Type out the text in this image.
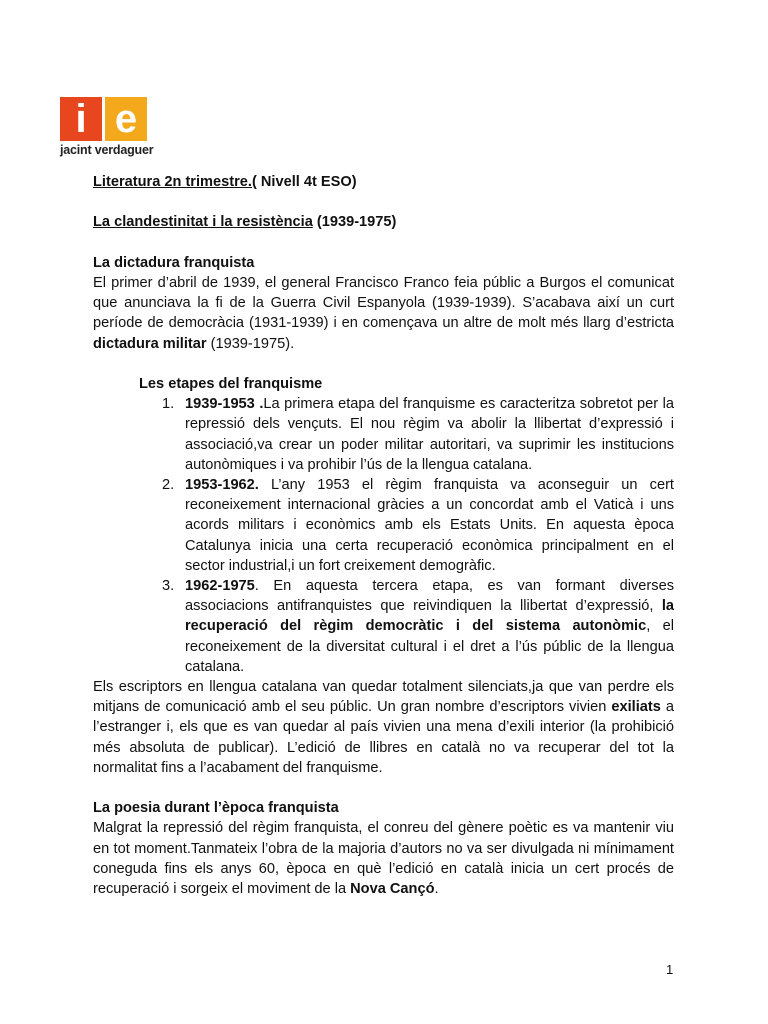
i e
jacint verdaguer

Literatura 2n trimestre.( Nivell 4t ESO)

La clandestinitat i la resistència (1939-1975)

La dictadura franquista

El primer d’abril de 1939, el general Francisco Franco feia públic a Burgos el comunicat que anunciava la fi de la Guerra Civil Espanyola (1939-1939). S’acabava així un curt període de democràcia (1931-1939) i en començava un altre de molt més llarg d’estricta dictadura militar (1939-1975).

Les etapes del franquisme

1. 1939-1953 .La primera etapa del franquisme es caracteritza sobretot per la repressió dels vençuts. El nou règim va abolir la llibertat d’expressió i associació,va crear un poder militar autoritari, va suprimir les institucions autonòmiques i va prohibir l’ús de la llengua catalana.
2. 1953-1962. L’any 1953 el règim franquista va aconseguir un cert reconeixement internacional gràcies a un concordat amb el Vaticà i uns acords militars i econòmics amb els Estats Units. En aquesta època Catalunya inicia una certa recuperació econòmica principalment en el sector industrial,i un fort creixement demogràfic.
3. 1962-1975. En aquesta tercera etapa, es van formant diverses associacions antifranquistes que reivindiquen la llibertat d’expressió, la recuperació del règim democràtic i del sistema autonòmic, el reconeixement de la diversitat cultural i el dret a l’ús públic de la llengua catalana.

Els escriptors en llengua catalana van quedar totalment silenciats,ja que van perdre els mitjans de comunicació amb el seu públic. Un gran nombre d’escriptors vivien exiliats a l’estranger i, els que es van quedar al país vivien una mena d’exili interior (la prohibició més absoluta de publicar). L’edició de llibres en català no va recuperar del tot la normalitat fins a l’acabament del franquisme.

La poesia durant l’època franquista

Malgrat la repressió del règim franquista, el conreu del gènere poètic es va mantenir viu en tot moment.Tanmateix l’obra de la majoria d’autors no va ser divulgada ni mínimament coneguda fins els anys 60, època en què l’edició en català inicia un cert procés de recuperació i sorgeix el moviment de la Nova Cançó.

1
